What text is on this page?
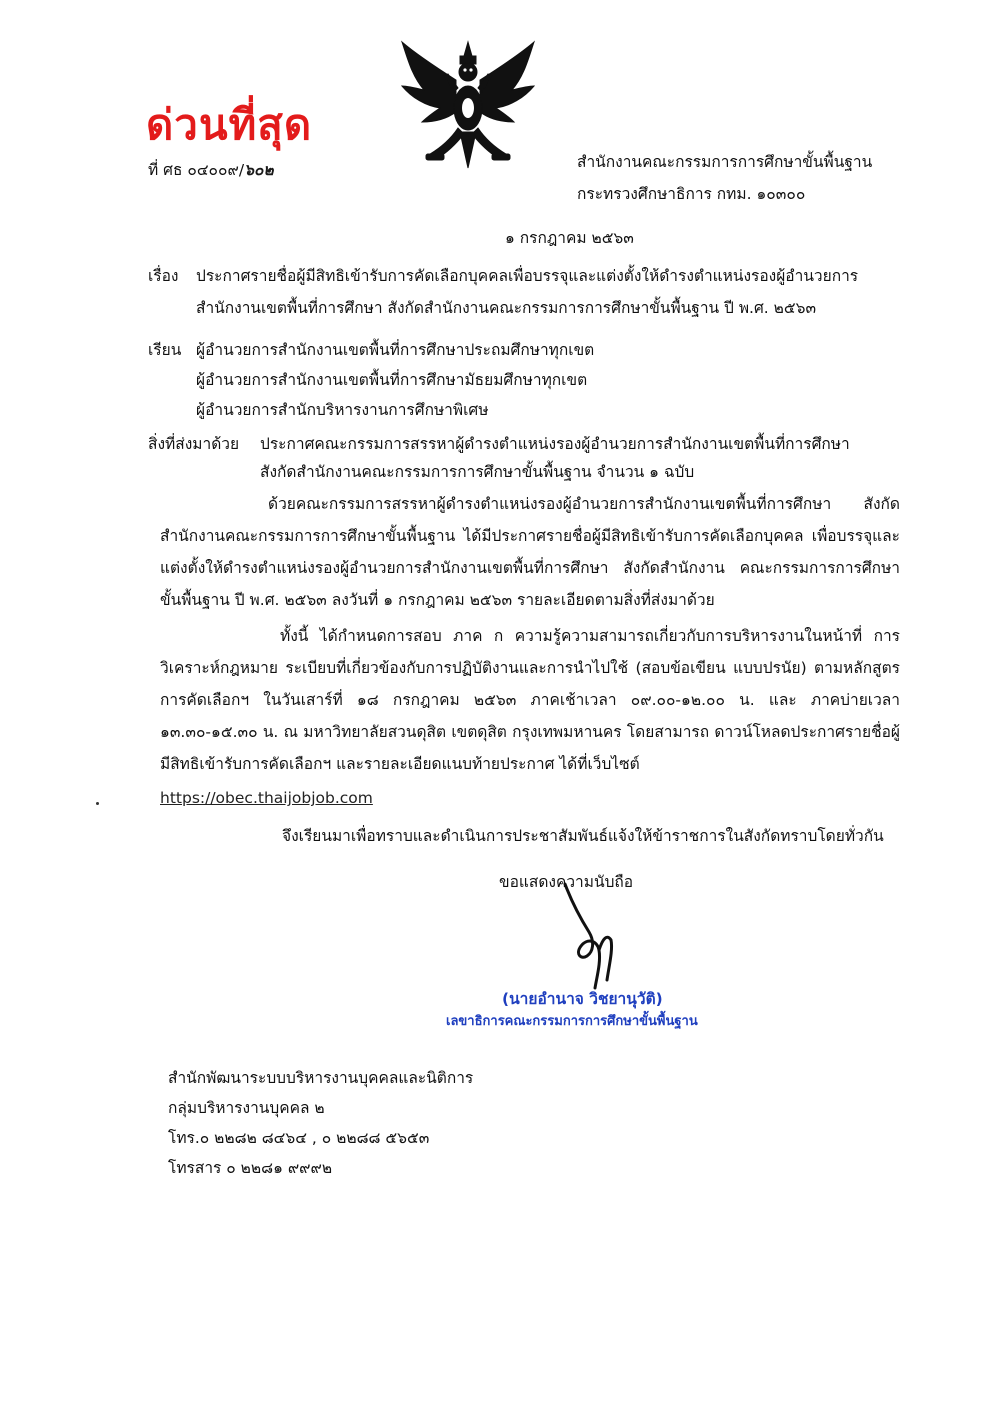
ด่วนที่สุด
ที่ ศธ ๐๔๐๐๙/๖๐๒	สำนักงานคณะกรรมการการศึกษาขั้นพื้นฐาน
กระทรวงศึกษาธิการ กทม. ๑๐๓๐๐
๑ กรกฎาคม ๒๕๖๓
เรื่อง ประกาศรายชื่อผู้มีสิทธิเข้ารับการคัดเลือกบุคคลเพื่อบรรจุและแต่งตั้งให้ดำรงตำแหน่งรองผู้อำนวยการ
สำนักงานเขตพื้นที่การศึกษา สังกัดสำนักงานคณะกรรมการการศึกษาขั้นพื้นฐาน ปี พ.ศ. ๒๕๖๓
เรียน ผู้อำนวยการสำนักงานเขตพื้นที่การศึกษาประถมศึกษาทุกเขต
ผู้อำนวยการสำนักงานเขตพื้นที่การศึกษามัธยมศึกษาทุกเขต
ผู้อำนวยการสำนักบริหารงานการศึกษาพิเศษ
สิ่งที่ส่งมาด้วย ประกาศคณะกรรมการสรรหาผู้ดำรงตำแหน่งรองผู้อำนวยการสำนักงานเขตพื้นที่การศึกษา
สังกัดสำนักงานคณะกรรมการการศึกษาขั้นพื้นฐาน จำนวน ๑ ฉบับ
ด้วยคณะกรรมการสรรหาผู้ดำรงตำแหน่งรองผู้อำนวยการสำนักงานเขตพื้นที่การศึกษา สังกัดสำนักงานคณะกรรมการการศึกษาขั้นพื้นฐาน ได้มีประกาศรายชื่อผู้มีสิทธิเข้ารับการคัดเลือกบุคคล เพื่อบรรจุและแต่งตั้งให้ดำรงตำแหน่งรองผู้อำนวยการสำนักงานเขตพื้นที่การศึกษา สังกัดสำนักงาน คณะกรรมการการศึกษาขั้นพื้นฐาน ปี พ.ศ. ๒๕๖๓ ลงวันที่ ๑ กรกฎาคม ๒๕๖๓ รายละเอียดตามสิ่งที่ส่งมาด้วย
ทั้งนี้ ได้กำหนดการสอบ ภาค ก ความรู้ความสามารถเกี่ยวกับการบริหารงานในหน้าที่ การวิเคราะห์กฎหมาย ระเบียบที่เกี่ยวข้องกับการปฏิบัติงานและการนำไปใช้ (สอบข้อเขียน แบบปรนัย) ตามหลักสูตรการคัดเลือกฯ ในวันเสาร์ที่ ๑๘ กรกฎาคม ๒๕๖๓ ภาคเช้าเวลา ๐๙.๐๐-๑๒.๐๐ น. และ ภาคบ่ายเวลา ๑๓.๓๐-๑๕.๓๐ น. ณ มหาวิทยาลัยสวนดุสิต เขตดุสิต กรุงเทพมหานคร โดยสามารถ ดาวน์โหลดประกาศรายชื่อผู้มีสิทธิเข้ารับการคัดเลือกฯ และรายละเอียดแนบท้ายประกาศ ได้ที่เว็บไซต์
https://obec.thaijobjob.com
จึงเรียนมาเพื่อทราบและดำเนินการประชาสัมพันธ์แจ้งให้ข้าราชการในสังกัดทราบโดยทั่วกัน
ขอแสดงความนับถือ
(นายอำนาจ วิชยานุวัติ)
เลขาธิการคณะกรรมการการศึกษาขั้นพื้นฐาน
สำนักพัฒนาระบบบริหารงานบุคคลและนิติการ
กลุ่มบริหารงานบุคคล ๒
โทร.๐ ๒๒๘๒ ๘๔๖๔ , ๐ ๒๒๘๘ ๕๖๕๓
โทรสาร ๐ ๒๒๘๑ ๙๙๙๒
